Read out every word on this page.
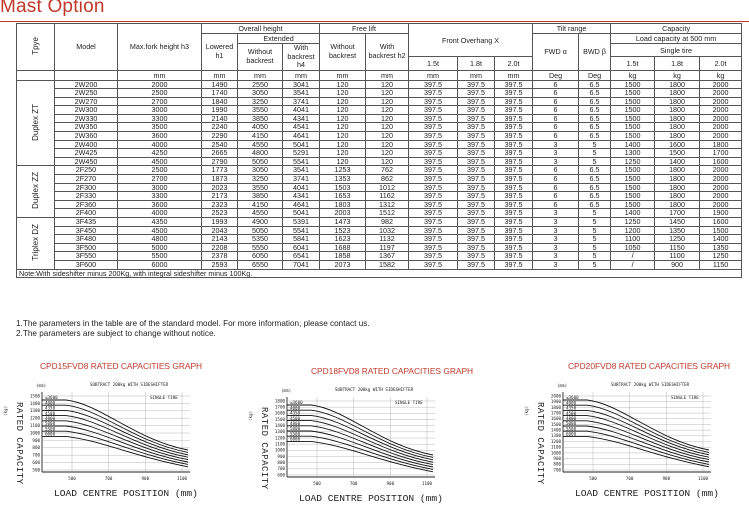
Mast Option
Tpye	Model	Max.fork height h3	Overall height			Free lift		Front Overhang X			Tilt range		Capacity		
			Lowered h1	Extended		Without backrest	With backrest h2				FWD α	BWD β	Load capacity at 500 mm		
				Without backrest	With backrest h4								Single tire		
								1.5t	1.8t	2.0t			1.5t	1.8t	2.0t
		mm	mm	mm	mm	mm	mm	mm	mm	mm	Deg	Deg	kg	kg	kg
Duplex ZT	2W200	2000	1490	2550	3041	120	120	397.5	397.5	397.5	6	6.5	1500	1800	2000
	2W250	2500	1740	3050	3541	120	120	397.5	397.5	397.5	6	6.5	1500	1800	2000
	2W270	2700	1840	3250	3741	120	120	397.5	397.5	397.5	6	6.5	1500	1800	2000
	2W300	3000	1990	3550	4041	120	120	397.5	397.5	397.5	6	6.5	1500	1800	2000
	2W330	3300	2140	3850	4341	120	120	397.5	397.5	397.5	6	6.5	1500	1800	2000
	2W350	3500	2240	4050	4541	120	120	397.5	397.5	397.5	6	6.5	1500	1800	2000
	2W360	3600	2290	4150	4641	120	120	397.5	397.5	397.5	6	6.5	1500	1800	2000
	2W400	4000	2540	4550	5041	120	120	397.5	397.5	397.5	3	5	1400	1600	1800
	2W425	4250	2665	4800	5291	120	120	397.5	397.5	397.5	3	5	1300	1500	1700
	2W450	4500	2790	5050	5541	120	120	397.5	397.5	397.5	3	5	1250	1400	1600
Duplex ZZ	2F250	2500	1773	3050	3541	1253	762	397.5	397.5	397.5	6	6.5	1500	1800	2000
	2F270	2700	1873	3250	3741	1353	862	397.5	397.5	397.5	6	6.5	1500	1800	2000
	2F300	3000	2023	3550	4041	1503	1012	397.5	397.5	397.5	6	6.5	1500	1800	2000
	2F330	3300	2173	3850	4341	1653	1162	397.5	397.5	397.5	6	6.5	1500	1800	2000
	2F360	3600	2323	4150	4641	1803	1312	397.5	397.5	397.5	6	6.5	1500	1800	2000
	2F400	4000	2523	4550	5041	2003	1512	397.5	397.5	397.5	3	5	1400	1700	1900
Triplex DZ	3F435	4350	1993	4900	5391	1473	982	397.5	397.5	397.5	3	5	1250	1450	1600
	3F450	4500	2043	5050	5541	1523	1032	397.5	397.5	397.5	3	5	1200	1350	1500
	3F480	4800	2143	5350	5841	1623	1132	397.5	397.5	397.5	3	5	1100	1250	1400
	3F500	5000	2208	5550	6041	1688	1197	397.5	397.5	397.5	3	5	1050	1150	1350
	3F550	5500	2378	6050	6541	1858	1367	397.5	397.5	397.5	3	5	/	1100	1250
	3F600	6000	2593	6550	7041	2073	1582	397.5	397.5	397.5	3	5	/	900	1150
Note:With sideshifter minus 200Kg, with integral sideshifter minus 100Kg.															
1.The parameters in the table are of the standard model. For more information, please contact us.
2.The parameters are subject to change without notice.
CPD15FVD8 RATED CAPACITIES GRAPH
SUBTRACT 200kg WITH SIDESHIFTER
SINGLE TIRE
(mm)
(kg)
1500
1400
1300
1200
1100
1000
900
800
700
600
500
500	700	900	1100
≤3600
4000
4350
4500
4800
5000
5500
6000
RATED CAPACITY
LOAD CENTRE POSITION (mm)
CPD18FVD8 RATED CAPACITIES GRAPH
SUBTRACT 200kg WITH SIDESHIFTER
SINGLE TIRE
(mm)
(kg)
1800
1700
1600
1500
1400
1300
1200
1100
1000
900
800
700
600
500	700	900	1100
≤3600
4000
4350
4500
4800
5000
5500
6000
RATED CAPACITY
LOAD CENTRE POSITION (mm)
CPD20FVD8 RATED CAPACITIES GRAPH
SUBTRACT 200kg WITH SIDESHIFTER
SINGLE TIRE
(mm)
(kg)
2000
1900
1800
1700
1600
1500
1400
1300
1200
1100
1000
900
800
700
500	700	900	1100
≤3600
4000
4350
4500
4800
5000
5500
6000
RATED CAPACITY
LOAD CENTRE POSITION (mm)
